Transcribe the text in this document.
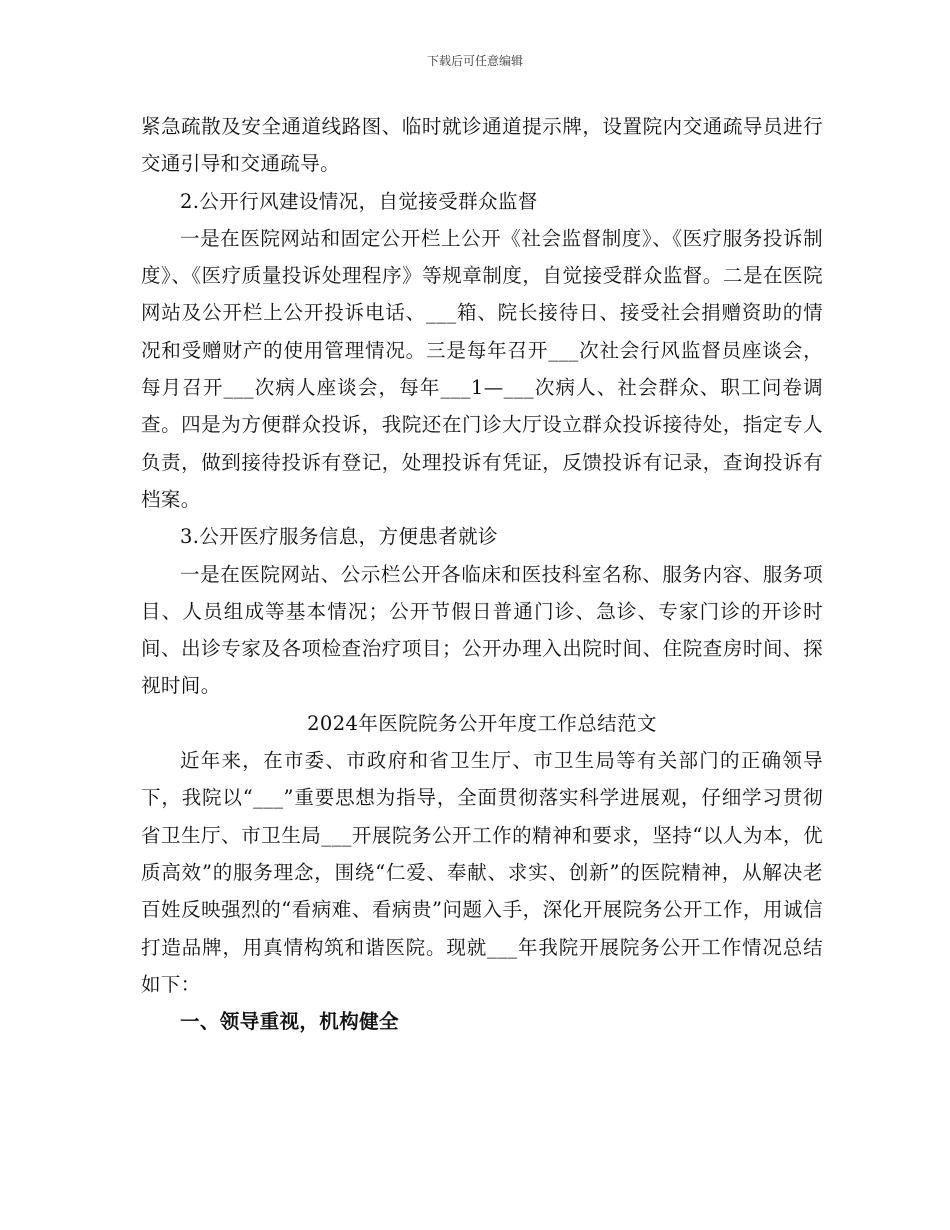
下载后可任意编辑

紧急疏散及安全通道线路图、临时就诊通道提示牌，设置院内交通疏导员进行交通引导和交通疏导。

2.公开行风建设情况，自觉接受群众监督

一是在医院网站和固定公开栏上公开《社会监督制度》、《医疗服务投诉制度》、《医疗质量投诉处理程序》等规章制度，自觉接受群众监督。二是在医院网站及公开栏上公开投诉电话、___箱、院长接待日、接受社会捐赠资助的情况和受赠财产的使用管理情况。三是每年召开___次社会行风监督员座谈会，每月召开___次病人座谈会，每年___1—___次病人、社会群众、职工问卷调查。四是为方便群众投诉，我院还在门诊大厅设立群众投诉接待处，指定专人负责，做到接待投诉有登记，处理投诉有凭证，反馈投诉有记录，查询投诉有档案。

3.公开医疗服务信息，方便患者就诊

一是在医院网站、公示栏公开各临床和医技科室名称、服务内容、服务项目、人员组成等基本情况；公开节假日普通门诊、急诊、专家门诊的开诊时间、出诊专家及各项检查治疗项目；公开办理入出院时间、住院查房时间、探视时间。

2024年医院院务公开年度工作总结范文

近年来，在市委、市政府和省卫生厅、市卫生局等有关部门的正确领导下，我院以“___”重要思想为指导，全面贯彻落实科学进展观，仔细学习贯彻省卫生厅、市卫生局___开展院务公开工作的精神和要求，坚持“以人为本，优质高效”的服务理念，围绕“仁爱、奉献、求实、创新”的医院精神，从解决老百姓反映强烈的“看病难、看病贵”问题入手，深化开展院务公开工作，用诚信打造品牌，用真情构筑和谐医院。现就___年我院开展院务公开工作情况总结如下：

一、领导重视，机构健全
